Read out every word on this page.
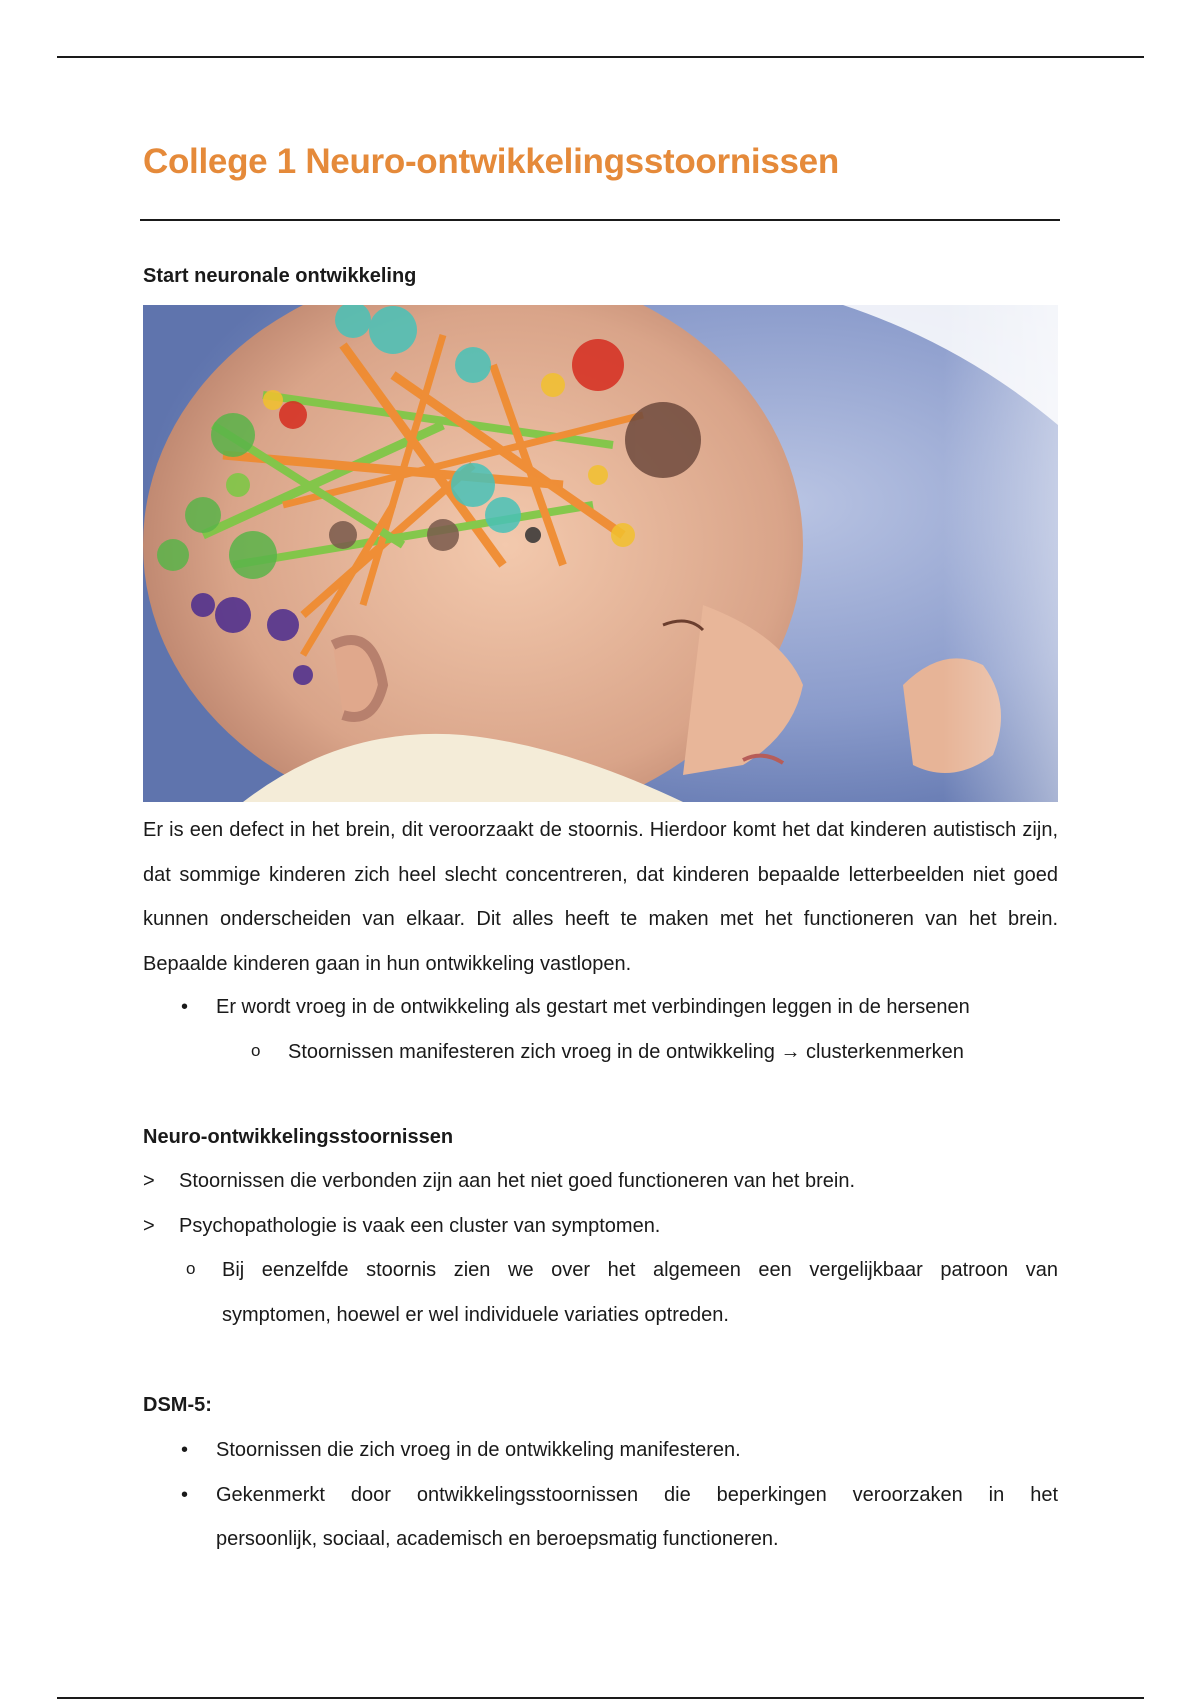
College 1 Neuro-ontwikkelingsstoornissen

Start neuronale ontwikkeling

Er is een defect in het brein, dit veroorzaakt de stoornis. Hierdoor komt het dat kinderen autistisch zijn, dat sommige kinderen zich heel slecht concentreren, dat kinderen bepaalde letterbeelden niet goed kunnen onderscheiden van elkaar. Dit alles heeft te maken met het functioneren van het brein. Bepaalde kinderen gaan in hun ontwikkeling vastlopen.

• Er wordt vroeg in de ontwikkeling als gestart met verbindingen leggen in de hersenen
o Stoornissen manifesteren zich vroeg in de ontwikkeling → clusterkenmerken

Neuro-ontwikkelingsstoornissen

> Stoornissen die verbonden zijn aan het niet goed functioneren van het brein.
> Psychopathologie is vaak een cluster van symptomen.
o Bij eenzelfde stoornis zien we over het algemeen een vergelijkbaar patroon van
symptomen, hoewel er wel individuele variaties optreden.

DSM-5:

• Stoornissen die zich vroeg in de ontwikkeling manifesteren.
• Gekenmerkt door ontwikkelingsstoornissen die beperkingen veroorzaken in het
persoonlijk, sociaal, academisch en beroepsmatig functioneren.
